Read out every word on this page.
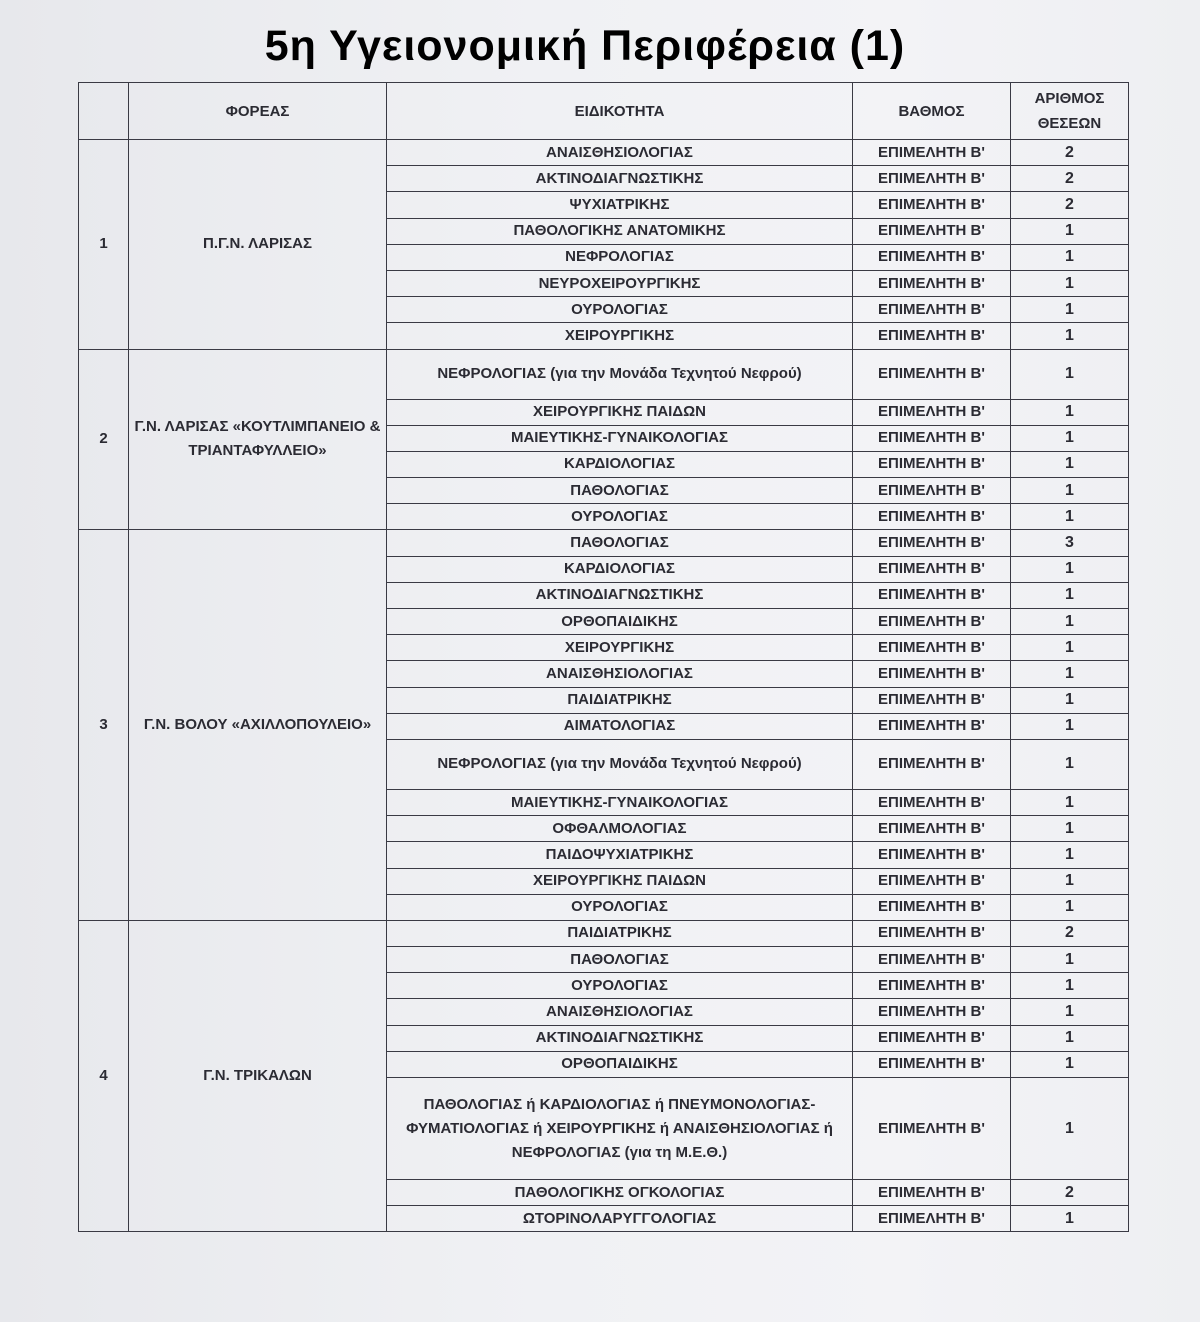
5η Υγειονομική Περιφέρεια (1)
	ΦΟΡΕΑΣ	ΕΙΔΙΚΟΤΗΤΑ	ΒΑΘΜΟΣ	ΑΡΙΘΜΟΣ ΘΕΣΕΩΝ
1	Π.Γ.Ν. ΛΑΡΙΣΑΣ	ΑΝΑΙΣΘΗΣΙΟΛΟΓΙΑΣ	ΕΠΙΜΕΛΗΤΗ Β'	2
		ΑΚΤΙΝΟΔΙΑΓΝΩΣΤΙΚΗΣ	ΕΠΙΜΕΛΗΤΗ Β'	2
		ΨΥΧΙΑΤΡΙΚΗΣ	ΕΠΙΜΕΛΗΤΗ Β'	2
		ΠΑΘΟΛΟΓΙΚΗΣ ΑΝΑΤΟΜΙΚΗΣ	ΕΠΙΜΕΛΗΤΗ Β'	1
		ΝΕΦΡΟΛΟΓΙΑΣ	ΕΠΙΜΕΛΗΤΗ Β'	1
		ΝΕΥΡΟΧΕΙΡΟΥΡΓΙΚΗΣ	ΕΠΙΜΕΛΗΤΗ Β'	1
		ΟΥΡΟΛΟΓΙΑΣ	ΕΠΙΜΕΛΗΤΗ Β'	1
		ΧΕΙΡΟΥΡΓΙΚΗΣ	ΕΠΙΜΕΛΗΤΗ Β'	1
2	Γ.Ν. ΛΑΡΙΣΑΣ «ΚΟΥΤΛΙΜΠΑΝΕΙΟ & ΤΡΙΑΝΤΑΦΥΛΛΕΙΟ»	ΝΕΦΡΟΛΟΓΙΑΣ (για την Μονάδα Τεχνητού Νεφρού)	ΕΠΙΜΕΛΗΤΗ Β'	1
		ΧΕΙΡΟΥΡΓΙΚΗΣ ΠΑΙΔΩΝ	ΕΠΙΜΕΛΗΤΗ Β'	1
		ΜΑΙΕΥΤΙΚΗΣ-ΓΥΝΑΙΚΟΛΟΓΙΑΣ	ΕΠΙΜΕΛΗΤΗ Β'	1
		ΚΑΡΔΙΟΛΟΓΙΑΣ	ΕΠΙΜΕΛΗΤΗ Β'	1
		ΠΑΘΟΛΟΓΙΑΣ	ΕΠΙΜΕΛΗΤΗ Β'	1
		ΟΥΡΟΛΟΓΙΑΣ	ΕΠΙΜΕΛΗΤΗ Β'	1
3	Γ.Ν. ΒΟΛΟΥ «ΑΧΙΛΛΟΠΟΥΛΕΙΟ»	ΠΑΘΟΛΟΓΙΑΣ	ΕΠΙΜΕΛΗΤΗ Β'	3
		ΚΑΡΔΙΟΛΟΓΙΑΣ	ΕΠΙΜΕΛΗΤΗ Β'	1
		ΑΚΤΙΝΟΔΙΑΓΝΩΣΤΙΚΗΣ	ΕΠΙΜΕΛΗΤΗ Β'	1
		ΟΡΘΟΠΑΙΔΙΚΗΣ	ΕΠΙΜΕΛΗΤΗ Β'	1
		ΧΕΙΡΟΥΡΓΙΚΗΣ	ΕΠΙΜΕΛΗΤΗ Β'	1
		ΑΝΑΙΣΘΗΣΙΟΛΟΓΙΑΣ	ΕΠΙΜΕΛΗΤΗ Β'	1
		ΠΑΙΔΙΑΤΡΙΚΗΣ	ΕΠΙΜΕΛΗΤΗ Β'	1
		ΑΙΜΑΤΟΛΟΓΙΑΣ	ΕΠΙΜΕΛΗΤΗ Β'	1
		ΝΕΦΡΟΛΟΓΙΑΣ (για την Μονάδα Τεχνητού Νεφρού)	ΕΠΙΜΕΛΗΤΗ Β'	1
		ΜΑΙΕΥΤΙΚΗΣ-ΓΥΝΑΙΚΟΛΟΓΙΑΣ	ΕΠΙΜΕΛΗΤΗ Β'	1
		ΟΦΘΑΛΜΟΛΟΓΙΑΣ	ΕΠΙΜΕΛΗΤΗ Β'	1
		ΠΑΙΔΟΨΥΧΙΑΤΡΙΚΗΣ	ΕΠΙΜΕΛΗΤΗ Β'	1
		ΧΕΙΡΟΥΡΓΙΚΗΣ ΠΑΙΔΩΝ	ΕΠΙΜΕΛΗΤΗ Β'	1
		ΟΥΡΟΛΟΓΙΑΣ	ΕΠΙΜΕΛΗΤΗ Β'	1
4	Γ.Ν. ΤΡΙΚΑΛΩΝ	ΠΑΙΔΙΑΤΡΙΚΗΣ	ΕΠΙΜΕΛΗΤΗ Β'	2
		ΠΑΘΟΛΟΓΙΑΣ	ΕΠΙΜΕΛΗΤΗ Β'	1
		ΟΥΡΟΛΟΓΙΑΣ	ΕΠΙΜΕΛΗΤΗ Β'	1
		ΑΝΑΙΣΘΗΣΙΟΛΟΓΙΑΣ	ΕΠΙΜΕΛΗΤΗ Β'	1
		ΑΚΤΙΝΟΔΙΑΓΝΩΣΤΙΚΗΣ	ΕΠΙΜΕΛΗΤΗ Β'	1
		ΟΡΘΟΠΑΙΔΙΚΗΣ	ΕΠΙΜΕΛΗΤΗ Β'	1
		ΠΑΘΟΛΟΓΙΑΣ ή ΚΑΡΔΙΟΛΟΓΙΑΣ ή ΠΝΕΥΜΟΝΟΛΟΓΙΑΣ-ΦΥΜΑΤΙΟΛΟΓΙΑΣ ή ΧΕΙΡΟΥΡΓΙΚΗΣ ή ΑΝΑΙΣΘΗΣΙΟΛΟΓΙΑΣ ή ΝΕΦΡΟΛΟΓΙΑΣ (για τη Μ.Ε.Θ.)	ΕΠΙΜΕΛΗΤΗ Β'	1
		ΠΑΘΟΛΟΓΙΚΗΣ ΟΓΚΟΛΟΓΙΑΣ	ΕΠΙΜΕΛΗΤΗ Β'	2
		ΩΤΟΡΙΝΟΛΑΡΥΓΓΟΛΟΓΙΑΣ	ΕΠΙΜΕΛΗΤΗ Β'	1
